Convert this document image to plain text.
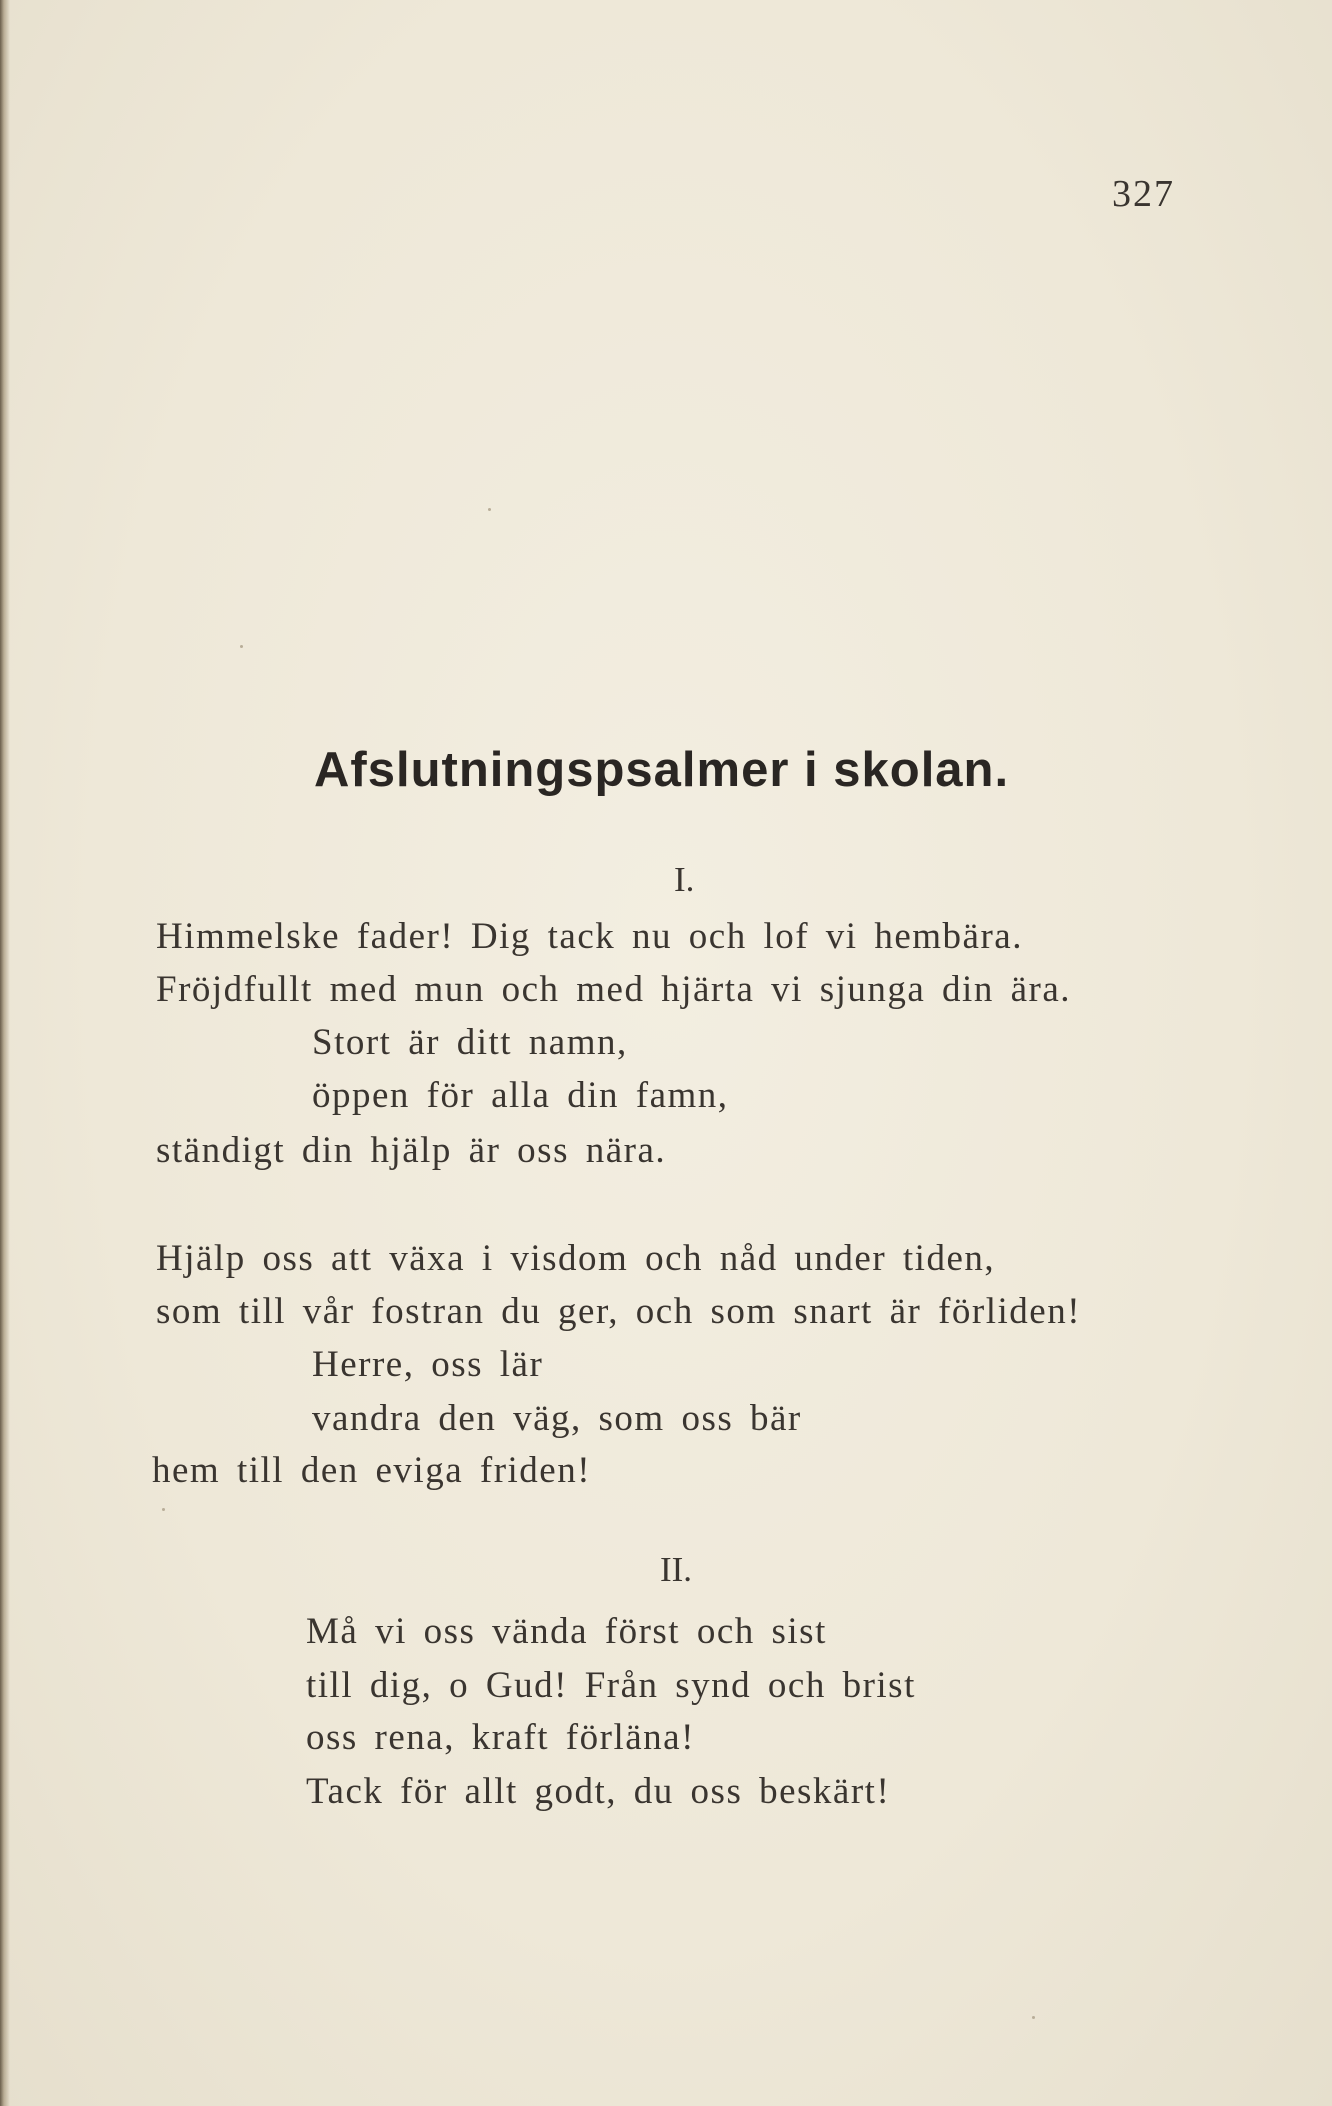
327
Afslutningspsalmer i skolan.
I.
Himmelske fader! Dig tack nu och lof vi hembära.
Fröjdfullt med mun och med hjärta vi sjunga din ära.
Stort är ditt namn,
öppen för alla din famn,
ständigt din hjälp är oss nära.
Hjälp oss att växa i visdom och nåd under tiden,
som till vår fostran du ger, och som snart är förliden!
Herre, oss lär
vandra den väg, som oss bär
hem till den eviga friden!
II.
Må vi oss vända först och sist
till dig, o Gud! Från synd och brist
oss rena, kraft förläna!
Tack för allt godt, du oss beskärt!
